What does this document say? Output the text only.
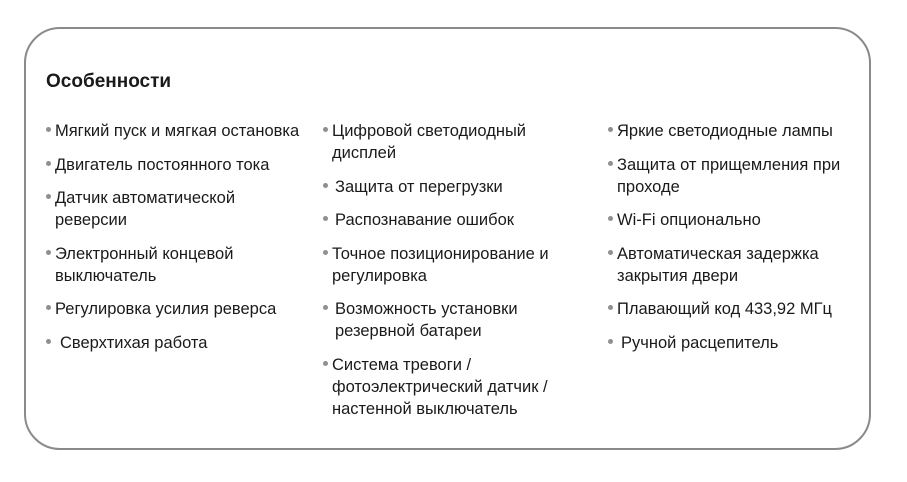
Особенности
Мягкий пуск и мягкая остановка
Двигатель постоянного тока
Датчик автоматической реверсии
Электронный концевой выключатель
Регулировка усилия реверса
Сверхтихая работа
Цифровой светодиодный дисплей
Защита от перегрузки
Распознавание ошибок
Точное позиционирование и регулировка
Возможность установки резервной батареи
Система тревоги / фотоэлектрический датчик / настенной выключатель
Яркие светодиодные лампы
Защита от прищемления при проходе
Wi-Fi опционально
Автоматическая задержка закрытия двери
Плавающий код 433,92 МГц
Ручной расцепитель
